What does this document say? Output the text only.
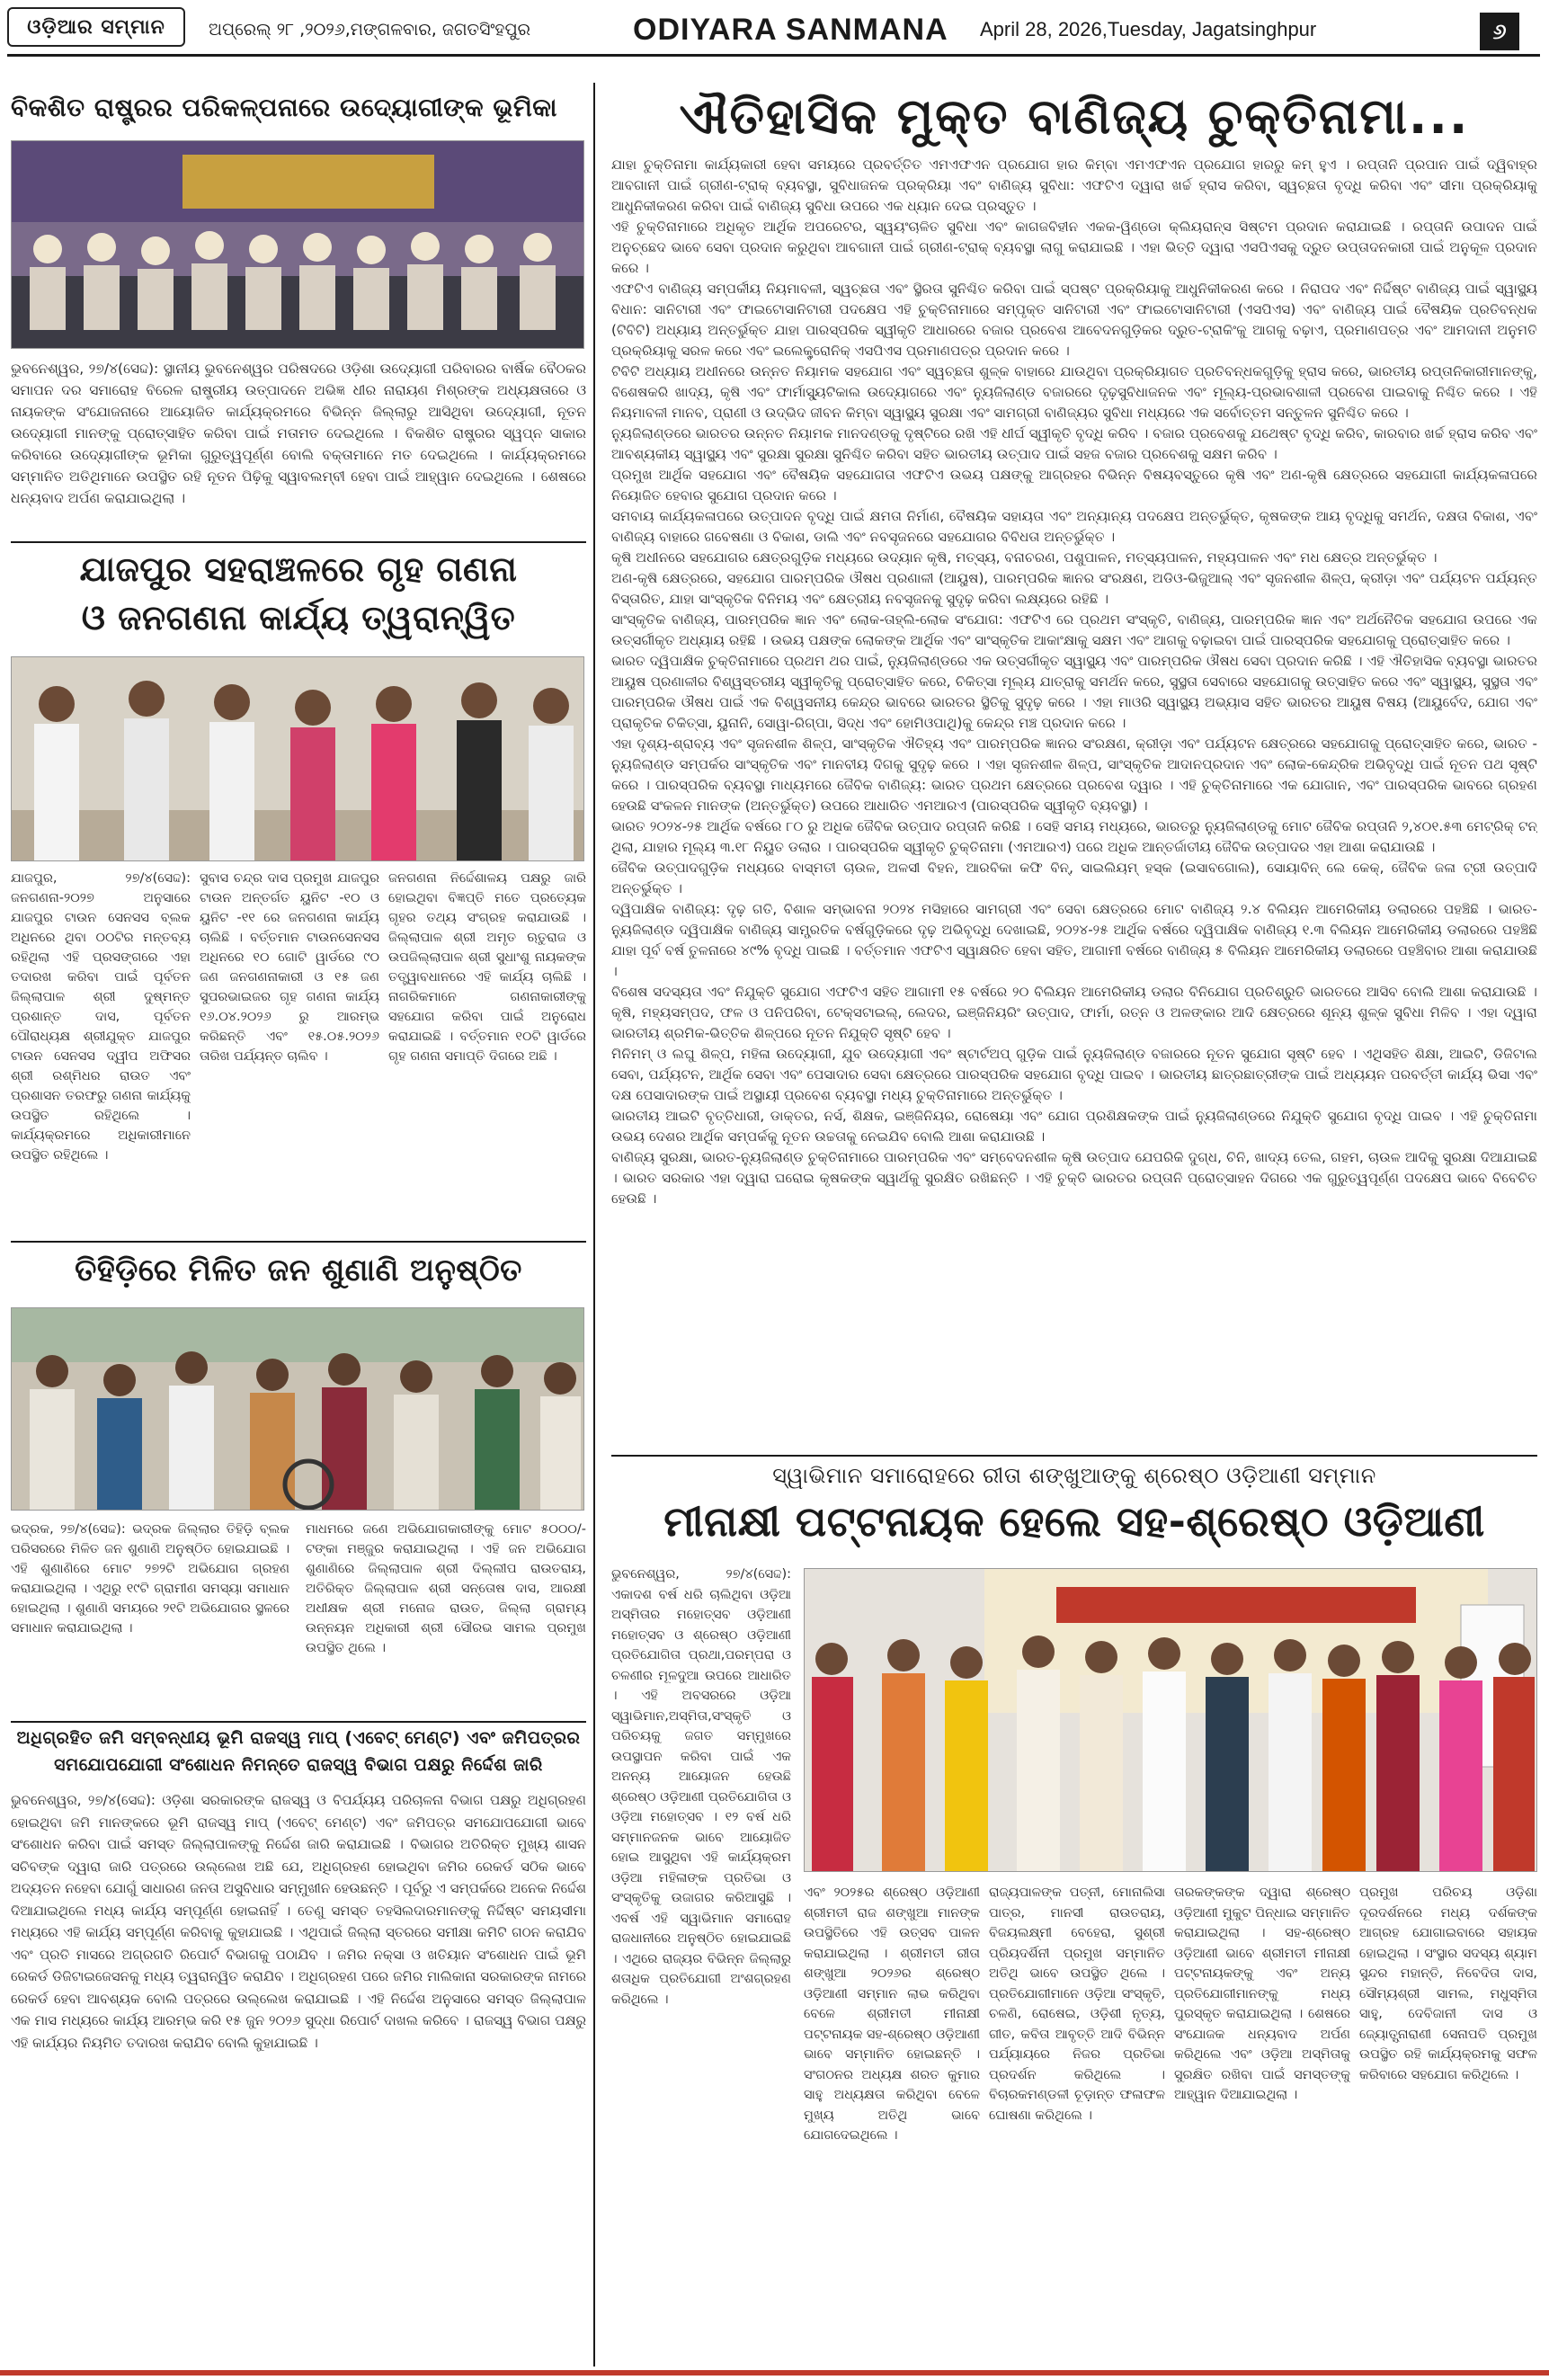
ଓଡ଼ିଆର ସମ୍ମାନ	ଅପ୍ରେଲ୍ ୨୮ ,୨୦୨୬,ମଙ୍ଗଳବାର, ଜଗତସିଂହପୁର	ODIYARA SANMANA April 28, 2026,Tuesday, Jagatsinghpur	୬
ବିକଶିତ ରାଷ୍ଟ୍ରର ପରିକଳ୍ପନାରେ ଉଦ୍ୟୋଗୀଙ୍କ ଭୂମିକା
ଭୁବନେଶ୍ୱର, ୨୭/୪(ସେଦ୍ଦ): ସ୍ଥାନୀୟ ଭୁବନେଶ୍ୱର ପରିଷଦରେ ଓଡ଼ିଶା ଉଦ୍ୟୋଗୀ ପରିବାରର ବାର୍ଷିକ ବୈଠକର ସମାପନ ଦର ସମାରୋହ ବିରେଳ ରାଷ୍ଟ୍ରୀୟ ଉତ୍ପାଦନେ ଅଭିଜ୍ଞ ଧୀର ନାରାୟଣ ମିଶ୍ରଙ୍କ ଅଧ୍ୟକ୍ଷତାରେ ଓ ନାୟକଙ୍କ ସଂଯୋଜନାରେ ଆୟୋଜିତ କାର୍ଯ୍ୟକ୍ରମରେ ବିଭିନ୍ନ ଜିଲ୍ଲାରୁ ଆସିଥିବା ଉଦ୍ୟୋଗୀ, ନୂତନ ଉଦ୍ୟୋଗୀ ମାନଙ୍କୁ ପ୍ରୋତ୍ସାହିତ କରିବା ପାଇଁ ମତାମତ ଦେଇଥିଲେ । ବିକଶିତ ରାଷ୍ଟ୍ରର ସ୍ୱପ୍ନ ସାକାର କରିବାରେ ଉଦ୍ୟୋଗୀଙ୍କ ଭୂମିକା ଗୁରୁତ୍ୱପୂର୍ଣ୍ଣ ବୋଲି ବକ୍ତାମାନେ ମତ ଦେଇଥିଲେ । କାର୍ଯ୍ୟକ୍ରମରେ ସମ୍ମାନିତ ଅତିଥିମାନେ ଉପସ୍ଥିତ ରହି ନୂତନ ପିଢ଼ିକୁ ସ୍ୱାବଲମ୍ବୀ ହେବା ପାଇଁ ଆହ୍ୱାନ ଦେଇଥିଲେ । ଶେଷରେ ଧନ୍ୟବାଦ ଅର୍ପଣ କରାଯାଇଥିଲା ।
ଯାଜପୁର ସହରାଞ୍ଚଳରେ ଗୃହ ଗଣନା
ଓ ଜନଗଣନା କାର୍ଯ୍ୟ ତ୍ୱରାନ୍ୱିତ
ଯାଜପୁର, ୨୭/୪(ସେଦ୍ଦ): ଜନଗଣନା-୨୦୨୭ ଅନୁସାରେ ଯାଜପୁର ଟାଉନ ସେନସସ ବ୍ଲକ ଅଧିନରେ ଥିବା ୦୦ଟିର ମନ୍ତବ୍ୟ ରହିଥିଲା ଏହି ପ୍ରସଙ୍ଗରେ ଏହା ତଦାରଖ କରିବା ପାଇଁ ପୂର୍ବତନ ଜିଲ୍ଲାପାଳ ଶ୍ରୀ ଦୁଷ୍ମନ୍ତ ପ୍ରଶାନ୍ତ ଦାସ, ପୂର୍ବତନ ପୌରାଧ୍ୟକ୍ଷ ଶ୍ରୀଯୁକ୍ତ ଯାଜପୁର ଟାଉନ ସେନସସ ଦ୍ୱୀପ ଅଫିସର ଶ୍ରୀ ରଶ୍ମିଧର ରାଉତ ଏବଂ ପ୍ରଶାସନ ତରଫରୁ ଗଣନା କାର୍ଯ୍ୟକୁ ଉପସ୍ଥିତ ରହିଥିଲେ । କାର୍ଯ୍ୟକ୍ରମରେ ଅଧିକାରୀମାନେ ଉପସ୍ଥିତ ରହିଥିଲେ ।
ସୁବାସ ଚନ୍ଦ୍ର ଦାସ ପ୍ରମୁଖ ଯାଜପୁର ଟାଉନ ଅନ୍ତର୍ଗତ ୟୁନିଟ -୧୦ ଓ ୟୁନିଟ -୧୧ ରେ ଜନଗଣନା କାର୍ଯ୍ୟ ଚାଲିଛି । ବର୍ତ୍ତମାନ ଟାଉନସେନସସ ଅଧିନରେ ୧୦ ଗୋଟି ୱାର୍ଡରେ ୯୦ ଜଣ ଜନଗଣନାକାରୀ ଓ ୧୫ ଜଣ ସୁପରଭାଇଜର ଗୃହ ଗଣନା କାର୍ଯ୍ୟ ୧୬.୦୪.୨୦୨୬ ରୁ ଆରମ୍ଭ କରିଛନ୍ତି ଏବଂ ୧୫.୦୫.୨୦୨୬ ତାରିଖ ପର୍ଯ୍ୟନ୍ତ ଚାଲିବ ।
ଜନଗଣନା ନିର୍ଦ୍ଦେଶାଳୟ ପକ୍ଷରୁ ଜାରି ହୋଇଥିବା ବିଜ୍ଞପ୍ତି ମତେ ପ୍ରତ୍ୟେକ ଗୃହର ତଥ୍ୟ ସଂଗ୍ରହ କରାଯାଉଛି । ଜିଲ୍ଲାପାଳ ଶ୍ରୀ ଅମୃତ ଋତୁରାଜ ଓ ଉପଜିଲ୍ଲାପାଳ ଶ୍ରୀ ସୁଧାଂଶୁ ନାୟକଙ୍କ ତତ୍ତ୍ୱାବଧାନରେ ଏହି କାର୍ଯ୍ୟ ଚାଲିଛି । ନାଗରିକମାନେ ଗଣନାକାରୀଙ୍କୁ ସହଯୋଗ କରିବା ପାଇଁ ଅନୁରୋଧ କରାଯାଇଛି । ବର୍ତ୍ତମାନ ୧୦ଟି ୱାର୍ଡରେ ଗୃହ ଗଣନା ସମାପ୍ତି ଦିଗରେ ଅଛି ।
ତିହିଡ଼ିରେ ମିଳିତ ଜନ ଶୁଣାଣି ଅନୁଷ୍ଠିତ
ଭଦ୍ରକ, ୨୭/୪(ସେଦ୍ଦ): ଭଦ୍ରକ ଜିଲ୍ଲାର ତିହିଡ଼ି ବ୍ଲକ ପରିସରରେ ମିଳିତ ଜନ ଶୁଣାଣି ଅନୁଷ୍ଠିତ ହୋଇଯାଇଛି । ଏହି ଶୁଣାଣିରେ ମୋଟ ୨୭୨ଟି ଅଭିଯୋଗ ଗ୍ରହଣ କରାଯାଇଥିଲା । ଏଥିରୁ ୧୯ଟି ଗ୍ରାମୀଣ ସମସ୍ୟା ସମାଧାନ ହୋଇଥିଲା । ଶୁଣାଣି ସମୟରେ ୨୧ଟି ଅଭିଯୋଗର ସ୍ଥଳରେ ସମାଧାନ କରାଯାଇଥିଲା ।
ମାଧମରେ ଜଣେ ଅଭିଯୋଗକାରୀଙ୍କୁ ମୋଟ ୫୦୦୦/- ଟଙ୍କା ମଞ୍ଜୁର କରାଯାଇଥିଲା । ଏହି ଜନ ଅଭିଯୋଗ ଶୁଣାଣିରେ ଜିଲ୍ଲାପାଳ ଶ୍ରୀ ଦିଲ୍ଲୀପ ରାଉତରାୟ, ଅତିରିକ୍ତ ଜିଲ୍ଲାପାଳ ଶ୍ରୀ ସନ୍ତୋଷ ଦାସ, ଆରକ୍ଷୀ ଅଧୀକ୍ଷକ ଶ୍ରୀ ମନୋଜ ରାଉତ, ଜିଲ୍ଲା ଗ୍ରାମ୍ୟ ଉନ୍ନୟନ ଅଧିକାରୀ ଶ୍ରୀ ସୌରଭ ସାମଲ ପ୍ରମୁଖ ଉପସ୍ଥିତ ଥିଲେ ।
ଅଧିଗ୍ରହିତ ଜମି ସମ୍ବନ୍ଧୀୟ ଭୂମି ରାଜସ୍ୱ ମାପ୍ (ଏବେଟ୍ ମେଣ୍ଟ) ଏବଂ ଜମିପତ୍ରର
ସମଯୋପଯୋଗୀ ସଂଶୋଧନ ନିମନ୍ତେ ରାଜସ୍ୱ ବିଭାଗ ପକ୍ଷରୁ ନିର୍ଦ୍ଦେଶ ଜାରି
ଭୁବନେଶ୍ୱର, ୨୭/୪(ସେଦ୍ଦ): ଓଡ଼ିଶା ସରକାରଙ୍କ ରାଜସ୍ୱ ଓ ବିପର୍ଯ୍ୟୟ ପରିଚାଳନା ବିଭାଗ ପକ୍ଷରୁ ଅଧିଗ୍ରହଣ ହୋଇଥିବା ଜମି ମାନଙ୍କରେ ଭୂମି ରାଜସ୍ୱ ମାପ୍ (ଏବେଟ୍ ମେଣ୍ଟ) ଏବଂ ଜମିପତ୍ର ସମଯୋପଯୋଗୀ ଭାବେ ସଂଶୋଧନ କରିବା ପାଇଁ ସମସ୍ତ ଜିଲ୍ଲାପାଳଙ୍କୁ ନିର୍ଦ୍ଦେଶ ଜାରି କରାଯାଇଛି । ବିଭାଗର ଅତିରିକ୍ତ ମୁଖ୍ୟ ଶାସନ ସଚିବଙ୍କ ଦ୍ୱାରା ଜାରି ପତ୍ରରେ ଉଲ୍ଲେଖ ଅଛି ଯେ, ଅଧିଗ୍ରହଣ ହୋଇଥିବା ଜମିର ରେକର୍ଡ ସଠିକ ଭାବେ ଅଦ୍ୟତନ ନହେବା ଯୋଗୁଁ ସାଧାରଣ ଜନତା ଅସୁବିଧାର ସମ୍ମୁଖୀନ ହେଉଛନ୍ତି । ପୂର୍ବରୁ ଏ ସମ୍ପର୍କରେ ଅନେକ ନିର୍ଦ୍ଦେଶ ଦିଆଯାଇଥିଲେ ମଧ୍ୟ କାର୍ଯ୍ୟ ସମ୍ପୂର୍ଣ୍ଣ ହୋଇନାହିଁ । ତେଣୁ ସମସ୍ତ ତହସିଲଦାରମାନଙ୍କୁ ନିର୍ଦ୍ଦିଷ୍ଟ ସମୟସୀମା ମଧ୍ୟରେ ଏହି କାର୍ଯ୍ୟ ସମ୍ପୂର୍ଣ୍ଣ କରିବାକୁ କୁହାଯାଇଛି । ଏଥିପାଇଁ ଜିଲ୍ଲା ସ୍ତରରେ ସମୀକ୍ଷା କମିଟି ଗଠନ କରାଯିବ ଏବଂ ପ୍ରତି ମାସରେ ଅଗ୍ରଗତି ରିପୋର୍ଟ ବିଭାଗକୁ ପଠାଯିବ । ଜମିର ନକ୍ସା ଓ ଖତିୟାନ ସଂଶୋଧନ ପାଇଁ ଭୂମି ରେକର୍ଡ ଡିଜିଟାଇଜେସନକୁ ମଧ୍ୟ ତ୍ୱରାନ୍ୱିତ କରାଯିବ । ଅଧିଗ୍ରହଣ ପରେ ଜମିର ମାଲିକାନା ସରକାରଙ୍କ ନାମରେ ରେକର୍ଡ ହେବା ଆବଶ୍ୟକ ବୋଲି ପତ୍ରରେ ଉଲ୍ଲେଖ କରାଯାଇଛି । ଏହି ନିର୍ଦ୍ଦେଶ ଅନୁସାରେ ସମସ୍ତ ଜିଲ୍ଲାପାଳ ଏକ ମାସ ମଧ୍ୟରେ କାର୍ଯ୍ୟ ଆରମ୍ଭ କରି ୧୫ ଜୁନ ୨୦୨୬ ସୁଦ୍ଧା ରିପୋର୍ଟ ଦାଖଲ କରିବେ । ରାଜସ୍ୱ ବିଭାଗ ପକ୍ଷରୁ ଏହି କାର୍ଯ୍ୟର ନିୟମିତ ତଦାରଖ କରାଯିବ ବୋଲି କୁହାଯାଇଛି ।
ଐତିହାସିକ ମୁକ୍ତ ବାଣିଜ୍ୟ ଚୁକ୍ତିନାମା...
ଯାହା ଚୁକ୍ତିନାମା କାର୍ଯ୍ୟକାରୀ ହେବା ସମୟରେ ପ୍ରବର୍ତ୍ତିତ ଏମଏଫଏନ ପ୍ରଯୋଗ ହାର କିମ୍ବା ଏମଏଫଏନ ପ୍ରଯୋଗ ହାରରୁ କମ୍ ହୁଏ । ରପ୍ତାନି ପ୍ରପାନ ପାଇଁ ଦ୍ୱିବାହ୍ର ଆବଗାନୀ ପାଇଁ ଗ୍ରୀଣ-ଟ୍ରାକ୍ ବ୍ୟବସ୍ଥା, ସୁବିଧାଜନକ ପ୍ରକ୍ରିୟା ଏବଂ ବାଣିଜ୍ୟ ସୁବିଧା: ଏଫଟିଏ ଦ୍ୱାରା ଖର୍ଚ୍ଚ ହ୍ରାସ କରିବା, ସ୍ୱଚ୍ଛତା ବୃଦ୍ଧି କରିବା ଏବଂ ସୀମା ପ୍ରକ୍ରିୟାକୁ ଆଧୁନିକୀକରଣ କରିବା ପାଇଁ ବାଣିଜ୍ୟ ସୁବିଧା ଉପରେ ଏକ ଧ୍ୟାନ ଦେଇ ପ୍ରସ୍ତୁତ ।
ଏହି ଚୁକ୍ତିନାମାରେ ଅଧିକୃତ ଆର୍ଥିକ ଅପରେଟର, ସ୍ୱୟଂଚାଳିତ ସୁବିଧା ଏବଂ କାଗଜବିହୀନ ଏକକ-ୱିଣ୍ଡୋ କ୍ଲିୟରାନ୍ସ ସିଷ୍ଟମ ପ୍ରଦାନ କରାଯାଇଛି । ରପ୍ତାନି ଉପାଦନ ପାଇଁ ଅନୁଚ୍ଛେଦ ଭାବେ ସେବା ପ୍ରଦାନ କରୁଥିବା ଆବଗାନୀ ପାଇଁ ଗ୍ରୀଣ-ଟ୍ରାକ୍ ବ୍ୟବସ୍ଥା ଲାଗୁ କରାଯାଇଛି । ଏହା ଭିତ୍ତି ଦ୍ୱାରା ଏସପିଏସକୁ ଦ୍ରୁତ ଉପ୍ତାଦନକାରୀ ପାଇଁ ଅନୁକୂଳ ପ୍ରଦାନ କରେ ।
ଏଫଟିଏ ବାଣିଜ୍ୟ ସମ୍ପର୍କୀୟ ନିୟମାବଳୀ, ସ୍ୱଚ୍ଛତା ଏବଂ ସ୍ଥିରତା ସୁନିଶ୍ଚିତ କରିବା ପାଇଁ ସ୍ପଷ୍ଟ ପ୍ରକ୍ରିୟାକୁ ଆଧୁନିକୀକରଣ କରେ । ନିରାପଦ ଏବଂ ନିର୍ଦ୍ଦିଷ୍ଟ ବାଣିଜ୍ୟ ପାଇଁ ସ୍ୱାସ୍ଥ୍ୟ ବିଧାନ: ସାନିଟାରୀ ଏବଂ ଫାଇଟୋସାନିଟାରୀ ପଦକ୍ଷେପ ଏହି ଚୁକ୍ତିନାମାରେ ସମ୍ପୃକ୍ତ ସାନିଟାରୀ ଏବଂ ଫାଇଟୋସାନିଟାରୀ (ଏସପିଏସ) ଏବଂ ବାଣିଜ୍ୟ ପାଇଁ ବୈଷୟିକ ପ୍ରତିବନ୍ଧକ (ଟିବିଟି) ଅଧ୍ୟାୟ ଅନ୍ତର୍ଭୁକ୍ତ ଯାହା ପାରସ୍ପରିକ ସ୍ୱୀକୃତି ଆଧାରରେ ବଜାର ପ୍ରବେଶ ଆବେଦନଗୁଡ଼ିକର ଦ୍ରୁତ-ଟ୍ରାକିଂକୁ ଆଗକୁ ବଢ଼ାଏ, ପ୍ରମାଣପତ୍ର ଏବଂ ଆମଦାନୀ ଅନୁମତି ପ୍ରକ୍ରିୟାକୁ ସରଳ କରେ ଏବଂ ଇଲେକ୍ଟ୍ରୋନିକ୍ ଏସପିଏସ ପ୍ରମାଣପତ୍ର ପ୍ରଦାନ କରେ ।
ଟିବିଟି ଅଧ୍ୟାୟ ଅଧୀନରେ ଉନ୍ନତ ନିୟାମକ ସହଯୋଗ ଏବଂ ସ୍ୱଚ୍ଛତା ଶୁଳ୍କ ବାହାରେ ଯାଉଥିବା ପ୍ରକ୍ରିୟାଗତ ପ୍ରତିବନ୍ଧକଗୁଡ଼ିକୁ ହ୍ରାସ କରେ, ଭାରତୀୟ ରପ୍ତାନିକାରୀମାନଙ୍କୁ, ବିଶେଷକରି ଖାଦ୍ୟ, କୃଷି ଏବଂ ଫାର୍ମାସ୍ୟୁଟିକାଲ ଉଦ୍ୟୋଗରେ ଏବଂ ନ୍ୟୁଜିଲାଣ୍ଡ ବଜାରରେ ଦୃଢ଼ସୁବିଧାଜନକ ଏବଂ ମୂଲ୍ୟ-ପ୍ରଭାବଶାଳୀ ପ୍ରବେଶ ପାଇବାକୁ ନିଶ୍ଚିତ କରେ । ଏହି ନିୟମାବଳୀ ମାନବ, ପ୍ରାଣୀ ଓ ଉଦ୍ଭିଦ ଜୀବନ କିମ୍ବା ସ୍ୱାସ୍ଥ୍ୟ ସୁରକ୍ଷା ଏବଂ ସାମଗ୍ରୀ ବାଣିଜ୍ୟର ସୁବିଧା ମଧ୍ୟରେ ଏକ ସର୍ବୋତ୍ତମ ସନ୍ତୁଳନ ସୁନିଶ୍ଚିତ କରେ ।
ନ୍ୟୁଜିଲାଣ୍ଡରେ ଭାରତର ଉନ୍ନତ ନିୟାମକ ମାନଦଣ୍ଡକୁ ଦୃଷ୍ଟିରେ ରଖି ଏହି ଧୀର୍ଘ ସ୍ୱୀକୃତି ବୃଦ୍ଧି କରିବ । ବଜାର ପ୍ରବେଶକୁ ଯଥେଷ୍ଟ ବୃଦ୍ଧି କରିବ, କାରବାର ଖର୍ଚ୍ଚ ହ୍ରାସ କରିବ ଏବଂ ଆବଶ୍ୟକୀୟ ସ୍ୱାସ୍ଥ୍ୟ ଏବଂ ସୁରକ୍ଷା ସୁରକ୍ଷା ସୁନିଶ୍ଚିତ କରିବା ସହିତ ଭାରତୀୟ ଉତ୍ପାଦ ପାଇଁ ସହଜ ବଜାର ପ୍ରବେଶକୁ ସକ୍ଷମ କରିବ ।
ପ୍ରମୁଖ ଆର୍ଥିକ ସହଯୋଗ ଏବଂ ବୈଷୟିକ ସହଯୋଗତା ଏଫଟିଏ ଉଭୟ ପକ୍ଷଙ୍କୁ ଆଗ୍ରହର ବିଭିନ୍ନ ବିଷୟବସ୍ତୁରେ କୃଷି ଏବଂ ଅଣ-କୃଷି କ୍ଷେତ୍ରରେ ସହଯୋଗୀ କାର୍ଯ୍ୟକଳାପରେ ନିୟୋଜିତ ହେବାର ସୁଯୋଗ ପ୍ରଦାନ କରେ ।
ସମବାୟ କାର୍ଯ୍ୟକଳାପରେ ଉତ୍ପାଦନ ବୃଦ୍ଧି ପାଇଁ କ୍ଷମତା ନିର୍ମାଣ, ବୈଷୟିକ ସହାୟତା ଏବଂ ଅନ୍ୟାନ୍ୟ ପଦକ୍ଷେପ ଅନ୍ତର୍ଭୁକ୍ତ, କୃଷକଙ୍କ ଆୟ ବୃଦ୍ଧିକୁ ସମର୍ଥନ, ଦକ୍ଷତା ବିକାଶ, ଏବଂ ବାଣିଜ୍ୟ ବାହାରେ ଗବେଷଣା ଓ ବିକାଶ, ଡାଲି ଏବଂ ନବସୃଜନରେ ସହଯୋଗର ବିବିଧତା ଅନ୍ତର୍ଭୁକ୍ତ ।
କୃଷି ଅଧୀନରେ ସହଯୋଗର କ୍ଷେତ୍ରଗୁଡ଼ିକ ମଧ୍ୟରେ ଉଦ୍ୟାନ କୃଷି, ମତ୍ସ୍ୟ, ବନାଚରଣ, ପଶୁପାଳନ, ମତ୍ସ୍ୟପାଳନ, ମହ୍ୟପାଳନ ଏବଂ ମଧ କ୍ଷେତ୍ର ଅନ୍ତର୍ଭୁକ୍ତ ।
ଅଣ-କୃଷି କ୍ଷେତ୍ରରେ, ସହଯୋଗ ପାରମ୍ପରିକ ଔଷଧ ପ୍ରଣାଳୀ (ଆୟୁଷ), ପାରମ୍ପରିକ ଜ୍ଞାନର ସଂରକ୍ଷଣ, ଅଡିଓ-ଭିଜୁଆଲ୍ ଏବଂ ସୃଜନଶୀଳ ଶିଳ୍ପ, କ୍ରୀଡ଼ା ଏବଂ ପର୍ଯ୍ୟଟନ ପର୍ଯ୍ୟନ୍ତ ବିସ୍ତାରିତ, ଯାହା ସାଂସ୍କୃତିକ ବିନିମୟ ଏବଂ କ୍ଷେତ୍ରୀୟ ନବସୃଜନକୁ ସୁଦୃଢ଼ କରିବା ଲକ୍ଷ୍ୟରେ ରହିଛି ।
ସାଂସ୍କୃତିକ ବାଣିଜ୍ୟ, ପାରମ୍ପରିକ ଜ୍ଞାନ ଏବଂ ଲୋକ-ତାହ୍ଲି-ଲୋକ ସଂଯୋଗ: ଏଫଟିଏ ରେ ପ୍ରଥମ ସଂସ୍କୃତି, ବାଣିଜ୍ୟ, ପାରମ୍ପରିକ ଜ୍ଞାନ ଏବଂ ଅର୍ଥନୈତିକ ସହଯୋଗ ଉପରେ ଏକ ଉତ୍ସର୍ଗୀକୃତ ଅଧ୍ୟାୟ ରହିଛି । ଉଭୟ ପକ୍ଷଙ୍କ ଲୋକଙ୍କ ଆର୍ଥିକ ଏବଂ ସାଂସ୍କୃତିକ ଆକାଂକ୍ଷାକୁ ସକ୍ଷମ ଏବଂ ଆଗକୁ ବଢ଼ାଇବା ପାଇଁ ପାରସ୍ପରିକ ସହଯୋଗକୁ ପ୍ରୋତ୍ସାହିତ କରେ ।
ଭାରତ ଦ୍ୱିପାକ୍ଷିକ ଚୁକ୍ତିନାମାରେ ପ୍ରଥମ ଥର ପାଇଁ, ନ୍ୟୁଜିଲାଣ୍ଡରେ ଏକ ଉତ୍ସର୍ଗୀକୃତ ସ୍ୱାସ୍ଥ୍ୟ ଏବଂ ପାରମ୍ପରିକ ଔଷଧ ସେବା ପ୍ରଦାନ କରିଛି । ଏହି ଐତିହାସିକ ବ୍ୟବସ୍ଥା ଭାରତର ଆୟୁଷ ପ୍ରଣାଳୀର ବିଶ୍ୱସ୍ତରୀୟ ସ୍ୱୀକୃତିକୁ ପ୍ରୋତ୍ସାହିତ କରେ, ଚିକିତ୍ସା ମୂଲ୍ୟ ଯାତ୍ରାକୁ ସମର୍ଥନ କରେ, ସୁସ୍ଥତା ସେବାରେ ସହଯୋଗକୁ ଉତ୍ସାହିତ କରେ ଏବଂ ସ୍ୱାସ୍ଥ୍ୟ, ସୁସ୍ଥତା ଏବଂ ପାରମ୍ପରିକ ଔଷଧ ପାଇଁ ଏକ ବିଶ୍ୱସନୀୟ କେନ୍ଦ୍ର ଭାବରେ ଭାରତର ସ୍ଥିତିକୁ ସୁଦୃଢ଼ କରେ । ଏହା ମାଓରି ସ୍ୱାସ୍ଥ୍ୟ ଅଭ୍ୟାସ ସହିତ ଭାରତର ଆୟୁଷ ବିଷୟ (ଆୟୁର୍ବେଦ, ଯୋଗ ଏବଂ ପ୍ରାକୃତିକ ଚିକିତ୍ସା, ୟୁନାନି, ସୋୱା-ରିଗ୍ପା, ସିଦ୍ଧ ଏବଂ ହୋମିଓପାଥି)କୁ କେନ୍ଦ୍ର ମଞ୍ଚ ପ୍ରଦାନ କରେ ।
ଏହା ଦୃଶ୍ୟ-ଶ୍ରାବ୍ୟ ଏବଂ ସୃଜନଶୀଳ ଶିଳ୍ପ, ସାଂସ୍କୃତିକ ଐତିହ୍ୟ ଏବଂ ପାରମ୍ପରିକ ଜ୍ଞାନର ସଂରକ୍ଷଣ, କ୍ରୀଡ଼ା ଏବଂ ପର୍ଯ୍ୟଟନ କ୍ଷେତ୍ରରେ ସହଯୋଗକୁ ପ୍ରୋତ୍ସାହିତ କରେ, ଭାରତ - ନ୍ୟୁଜିଲାଣ୍ଡ ସମ୍ପର୍କର ସାଂସ୍କୃତିକ ଏବଂ ମାନବୀୟ ଦିଗକୁ ସୁଦୃଢ଼ କରେ । ଏହା ସୃଜନଶୀଳ ଶିଳ୍ପ, ସାଂସ୍କୃତିକ ଆଦାନପ୍ରଦାନ ଏବଂ ଲୋକ-କେନ୍ଦ୍ରିକ ଅଭିବୃଦ୍ଧି ପାଇଁ ନୂତନ ପଥ ସୃଷ୍ଟି କରେ । ପାରସ୍ପରିକ ବ୍ୟବସ୍ଥା ମାଧ୍ୟମରେ ଜୈବିକ ବାଣିଜ୍ୟ: ଭାରତ ପ୍ରଥମ କ୍ଷେତ୍ରରେ ପ୍ରବେଶ ଦ୍ୱାର । ଏହି ଚୁକ୍ତିନାମାରେ ଏକ ଯୋଗାନ, ଏବଂ ପାରସ୍ପରିକ ଭାବରେ ଗ୍ରହଣ ହେଉଛି ସଂକଳନ ମାନଙ୍କ (ଅନ୍ତର୍ଭୁକ୍ତ) ଉପରେ ଆଧାରିତ ଏମଆରଏ (ପାରସ୍ପରିକ ସ୍ୱୀକୃତି ବ୍ୟବସ୍ଥା) ।
ଭାରତ ୨୦୨୪-୨୫ ଆର୍ଥିକ ବର୍ଷରେ ୮୦ ରୁ ଅଧିକ ଜୈବିକ ଉତ୍ପାଦ ରପ୍ତାନି କରିଛି । ସେହି ସମୟ ମଧ୍ୟରେ, ଭାରତରୁ ନ୍ୟୁଜିଲାଣ୍ଡକୁ ମୋଟ ଜୈବିକ ରପ୍ତାନି ୨,୪୦୧.୫୩ ମେଟ୍ରିକ୍ ଟନ୍ ଥିଲା, ଯାହାର ମୂଲ୍ୟ ୩.୧୮ ନିୟୁତ ଡଲାର । ପାରସ୍ପରିକ ସ୍ୱୀକୃତି ଚୁକ୍ତିନାମା (ଏମଆରଏ) ପରେ ଅଧିକ ଆନ୍ତର୍ଜାତୀୟ ଜୈବିକ ଉତ୍ପାଦର ଏହା ଆଶା କରାଯାଉଛି ।
ଜୈବିକ ଉତ୍ପାଦଗୁଡ଼ିକ ମଧ୍ୟରେ ବାସ୍ମତୀ ଚାଉଳ, ଅଳସୀ ବିହନ, ଆରବିକା କଫି ବିନ୍, ସାଇଲିୟମ୍ ହସ୍କ (ଇସାବଗୋଲ), ସୋୟାବିନ୍ ଲେ କେକ୍, ଜୈବିକ ଜଳା ଟ୍ରୀ ଉତ୍ପାଦି ଅନ୍ତର୍ଭୁକ୍ତ ।
ଦ୍ୱିପାକ୍ଷିକ ବାଣିଜ୍ୟ: ଦୃଢ଼ ଗତି, ବିଶାଳ ସମ୍ଭାବନା ୨୦୨୪ ମସିହାରେ ସାମଗ୍ରୀ ଏବଂ ସେବା କ୍ଷେତ୍ରରେ ମୋଟ ବାଣିଜ୍ୟ ୨.୪ ବିଲିୟନ ଆମେରିକୀୟ ଡଲାରରେ ପହଞ୍ଚିଛି । ଭାରତ-ନ୍ୟୁଜିଲାଣ୍ଡ ଦ୍ୱିପାକ୍ଷିକ ବାଣିଜ୍ୟ ସାମ୍ପ୍ରତିକ ବର୍ଷଗୁଡ଼ିକରେ ଦୃଢ଼ ଅଭିବୃଦ୍ଧି ଦେଖାଇଛି, ୨୦୨୪-୨୫ ଆର୍ଥିକ ବର୍ଷରେ ଦ୍ୱିପାକ୍ଷିକ ବାଣିଜ୍ୟ ୧.୩ ବିଲିୟନ ଆମେରିକୀୟ ଡଲାରରେ ପହଞ୍ଚିଛି ଯାହା ପୂର୍ବ ବର୍ଷ ତୁଳନାରେ ୪୯% ବୃଦ୍ଧି ପାଇଛି । ବର୍ତ୍ତମାନ ଏଫଟିଏ ସ୍ୱାକ୍ଷରିତ ହେବା ସହିତ, ଆଗାମୀ ବର୍ଷରେ ବାଣିଜ୍ୟ ୫ ବିଲିୟନ ଆମେରିକୀୟ ଡଲାରରେ ପହଞ୍ଚିବାର ଆଶା କରାଯାଉଛି ।
ବିଶେଷ ସଦସ୍ୟତା ଏବଂ ନିଯୁକ୍ତି ସୁଯୋଗ ଏଫଟିଏ ସହିତ ଆଗାମୀ ୧୫ ବର୍ଷରେ ୨୦ ବିଲିୟନ ଆମେରିକୀୟ ଡଲାର ବିନିଯୋଗ ପ୍ରତିଶ୍ରୁତି ଭାରତରେ ଆସିବ ବୋଲି ଆଶା କରାଯାଉଛି । କୃଷି, ମହ୍ୟସମ୍ପଦ, ଫଳ ଓ ପନିପରିବା, ଟେକ୍ସଟାଇଲ୍, ଲେଦର, ଇଞ୍ଜିନିୟରିଂ ଉତ୍ପାଦ, ଫାର୍ମା, ରତ୍ନ ଓ ଅଳଙ୍କାର ଆଦି କ୍ଷେତ୍ରରେ ଶୂନ୍ୟ ଶୁଳ୍କ ସୁବିଧା ମିଳିବ । ଏହା ଦ୍ୱାରା ଭାରତୀୟ ଶ୍ରମିକ-ଭିତ୍ତିକ ଶିଳ୍ପରେ ନୂତନ ନିଯୁକ୍ତି ସୃଷ୍ଟି ହେବ ।
ମିନିମମ୍ ଓ ଲଘୁ ଶିଳ୍ପ, ମହିଳା ଉଦ୍ୟୋଗୀ, ଯୁବ ଉଦ୍ୟୋଗୀ ଏବଂ ଷ୍ଟାର୍ଟଅପ୍ ଗୁଡ଼ିକ ପାଇଁ ନ୍ୟୁଜିଲାଣ୍ଡ ବଜାରରେ ନୂତନ ସୁଯୋଗ ସୃଷ୍ଟି ହେବ । ଏଥିସହିତ ଶିକ୍ଷା, ଆଇଟି, ଡିଜିଟାଲ ସେବା, ପର୍ଯ୍ୟଟନ, ଆର୍ଥିକ ସେବା ଏବଂ ପେସାଦାର ସେବା କ୍ଷେତ୍ରରେ ପାରସ୍ପରିକ ସହଯୋଗ ବୃଦ୍ଧି ପାଇବ । ଭାରତୀୟ ଛାତ୍ରଛାତ୍ରୀଙ୍କ ପାଇଁ ଅଧ୍ୟୟନ ପରବର୍ତ୍ତୀ କାର୍ଯ୍ୟ ଭିସା ଏବଂ ଦକ୍ଷ ପେସାଦାରଙ୍କ ପାଇଁ ଅସ୍ଥାୟୀ ପ୍ରବେଶ ବ୍ୟବସ୍ଥା ମଧ୍ୟ ଚୁକ୍ତିନାମାରେ ଅନ୍ତର୍ଭୁକ୍ତ ।
ଭାରତୀୟ ଆଇଟି ବୃତ୍ତିଧାରୀ, ଡାକ୍ତର, ନର୍ସ, ଶିକ୍ଷକ, ଇଞ୍ଜିନିୟର, ରୋଷେୟା ଏବଂ ଯୋଗ ପ୍ରଶିକ୍ଷକଙ୍କ ପାଇଁ ନ୍ୟୁଜିଲାଣ୍ଡରେ ନିଯୁକ୍ତି ସୁଯୋଗ ବୃଦ୍ଧି ପାଇବ । ଏହି ଚୁକ୍ତିନାମା ଉଭୟ ଦେଶର ଆର୍ଥିକ ସମ୍ପର୍କକୁ ନୂତନ ଉଚ୍ଚତାକୁ ନେଇଯିବ ବୋଲି ଆଶା କରାଯାଉଛି ।
ବାଣିଜ୍ୟ ସୁରକ୍ଷା, ଭାରତ-ନ୍ୟୁଜିଲାଣ୍ଡ ଚୁକ୍ତିନାମାରେ ପାରମ୍ପରିକ ଏବଂ ସମ୍ବେଦନଶୀଳ କୃଷି ଉତ୍ପାଦ ଯେପରିକି ଦୁଗ୍ଧ, ଚିନି, ଖାଦ୍ୟ ତେଲ, ଗହମ, ଚାଉଳ ଆଦିକୁ ସୁରକ୍ଷା ଦିଆଯାଇଛି । ଭାରତ ସରକାର ଏହା ଦ୍ୱାରା ଘରୋଇ କୃଷକଙ୍କ ସ୍ୱାର୍ଥକୁ ସୁରକ୍ଷିତ ରଖିଛନ୍ତି । ଏହି ଚୁକ୍ତି ଭାରତର ରପ୍ତାନି ପ୍ରୋତ୍ସାହନ ଦିଗରେ ଏକ ଗୁରୁତ୍ୱପୂର୍ଣ୍ଣ ପଦକ୍ଷେପ ଭାବେ ବିବେଚିତ ହେଉଛି ।
ସ୍ୱାଭିମାନ ସମାରୋହରେ ରୀତା ଶଙ୍ଖୁଆଙ୍କୁ ଶ୍ରେଷ୍ଠ ଓଡ଼ିଆଣୀ ସମ୍ମାନ
ମୀନାକ୍ଷୀ ପଟ୍ଟନାୟକ ହେଲେ ସହ-ଶ୍ରେଷ୍ଠ ଓଡ଼ିଆଣୀ
ଭୁବନେଶ୍ୱର, ୨୭/୪(ସେଦ୍ଦ): ଏକାଦଶ ବର୍ଷ ଧରି ଚାଲିଥିବା ଓଡ଼ିଆ ଅସ୍ମିତାର ମହୋତ୍ସବ ଓଡ଼ିଆଣୀ ମହୋତ୍ସବ ଓ ଶ୍ରେଷ୍ଠ ଓଡ଼ିଆଣୀ ପ୍ରତିଯୋଗିତା ପ୍ରଥା,ପରମ୍ପରା ଓ ଚଳଣୀର ମୂଳଦୁଆ ଉପରେ ଆଧାରିତ । ଏହି ଅବସରରେ ଓଡ଼ିଆ ସ୍ୱାଭିମାନ,ଅସ୍ମିତା,ସଂସ୍କୃତି ଓ ପରିଚୟକୁ ଜଗତ ସମ୍ମୁଖରେ ଉପସ୍ଥାପନ କରିବା ପାଇଁ ଏକ ଅନନ୍ୟ ଆୟୋଜନ ହେଉଛି ଶ୍ରେଷ୍ଠ ଓଡ଼ିଆଣୀ ପ୍ରତିଯୋଗିତା ଓ ଓଡ଼ିଆ ମହୋତ୍ସବ । ୧୨ ବର୍ଷ ଧରି ସମ୍ମାନଜନକ ଭାବେ ଆୟୋଜିତ ହୋଇ ଆସୁଥିବା ଏହି କାର୍ଯ୍ୟକ୍ରମ ଓଡ଼ିଆ ମହିଳାଙ୍କ ପ୍ରତିଭା ଓ ସଂସ୍କୃତିକୁ ଉଜାଗର କରିଆସୁଛି । ଏବର୍ଷ ଏହି ସ୍ୱାଭିମାନ ସମାରୋହ ରାଜଧାନୀରେ ଅନୁଷ୍ଠିତ ହୋଇଯାଇଛି । ଏଥିରେ ରାଜ୍ୟର ବିଭିନ୍ନ ଜିଲ୍ଲାରୁ ଶତାଧିକ ପ୍ରତିଯୋଗୀ ଅଂଶଗ୍ରହଣ କରିଥିଲେ ।
ଏବଂ ୨୦୨୫ର ଶ୍ରେଷ୍ଠ ଓଡ଼ିଆଣୀ ଶ୍ରୀମତୀ ରାଜ ଶଙ୍ଖୁଆ ମାନଙ୍କ ଉପସ୍ଥିତିରେ ଏହି ଉତ୍ସବ ପାଳନ କରାଯାଇଥିଲା । ଶ୍ରୀମତୀ ରୀତା ଶଙ୍ଖୁଆ ୨୦୨୬ର ଶ୍ରେଷ୍ଠ ଓଡ଼ିଆଣୀ ସମ୍ମାନ ଲାଭ କରିଥିବା ବେଳେ ଶ୍ରୀମତୀ ମୀନାକ୍ଷୀ ପଟ୍ଟନାୟକ ସହ-ଶ୍ରେଷ୍ଠ ଓଡ଼ିଆଣୀ ଭାବେ ସମ୍ମାନିତ ହୋଇଛନ୍ତି । ସଂଗଠନର ଅଧ୍ୟକ୍ଷ ଶରତ କୁମାର ସାହୁ ଅଧ୍ୟକ୍ଷତା କରିଥିବା ବେଳେ ମୁଖ୍ୟ ଅତିଥି ଭାବେ ଯୋଗଦେଇଥିଲେ ।
ରାଜ୍ୟପାଳଙ୍କ ପତ୍ନୀ, ମୋନାଲିସା ପାତ୍ର, ମାନସୀ ରାଉତରାୟ, ବିଜୟଲକ୍ଷ୍ମୀ ବେହେରା, ସୁଶ୍ରୀ ପ୍ରିୟଦର୍ଶିନୀ ପ୍ରମୁଖ ସମ୍ମାନିତ ଅତିଥି ଭାବେ ଉପସ୍ଥିତ ଥିଲେ । ପ୍ରତିଯୋଗୀମାନେ ଓଡ଼ିଆ ସଂସ୍କୃତି, ଚଳଣି, ରୋଷେଇ, ଓଡ଼ିଶୀ ନୃତ୍ୟ, ଗୀତ, କବିତା ଆବୃତ୍ତି ଆଦି ବିଭିନ୍ନ ପର୍ଯ୍ୟାୟରେ ନିଜର ପ୍ରତିଭା ପ୍ରଦର୍ଶନ କରିଥିଲେ । ବିଚାରକମଣ୍ଡଳୀ ଚୂଡ଼ାନ୍ତ ଫଳାଫଳ ଘୋଷଣା କରିଥିଲେ ।
ତାରକଙ୍କଙ୍କ ଦ୍ୱାରା ଶ୍ରେଷ୍ଠ ଓଡ଼ିଆଣୀ ମୁକୁଟ ପିନ୍ଧାଇ ସମ୍ମାନିତ କରାଯାଇଥିଲା । ସହ-ଶ୍ରେଷ୍ଠ ଓଡ଼ିଆଣୀ ଭାବେ ଶ୍ରୀମତୀ ମୀନାକ୍ଷୀ ପଟ୍ଟନାୟକଙ୍କୁ ଏବଂ ଅନ୍ୟ ପ୍ରତିଯୋଗୀମାନଙ୍କୁ ମଧ୍ୟ ପୁରସ୍କୃତ କରାଯାଇଥିଲା । ଶେଷରେ ସଂଯୋଜକ ଧନ୍ୟବାଦ ଅର୍ପଣ କରିଥିଲେ ଏବଂ ଓଡ଼ିଆ ଅସ୍ମିତାକୁ ସୁରକ୍ଷିତ ରଖିବା ପାଇଁ ସମସ୍ତଙ୍କୁ ଆହ୍ୱାନ ଦିଆଯାଇଥିଲା ।
ପ୍ରମୁଖ ପରିଚୟ ଓଡ଼ିଶା ଦୂରଦର୍ଶନରେ ମଧ୍ୟ ଦର୍ଶକଙ୍କ ଆଗ୍ରହ ଯୋଗାଇବାରେ ସହାୟକ ହୋଇଥିଲା । ସଂସ୍ଥାର ସଦସ୍ୟ ଶ୍ୟାମ ସୁନ୍ଦର ମହାନ୍ତି, ନିବେଦିତା ଦାସ, ସୌମ୍ୟଶ୍ରୀ ସାମଲ, ମଧୁସ୍ମିତା ସାହୁ, ଦେବିଜାନୀ ଦାସ ଓ ଜ୍ୟୋତ୍ସ୍ନାରାଣୀ ସେନାପତି ପ୍ରମୁଖ ଉପସ୍ଥିତ ରହି କାର୍ଯ୍ୟକ୍ରମକୁ ସଫଳ କରିବାରେ ସହଯୋଗ କରିଥିଲେ ।
